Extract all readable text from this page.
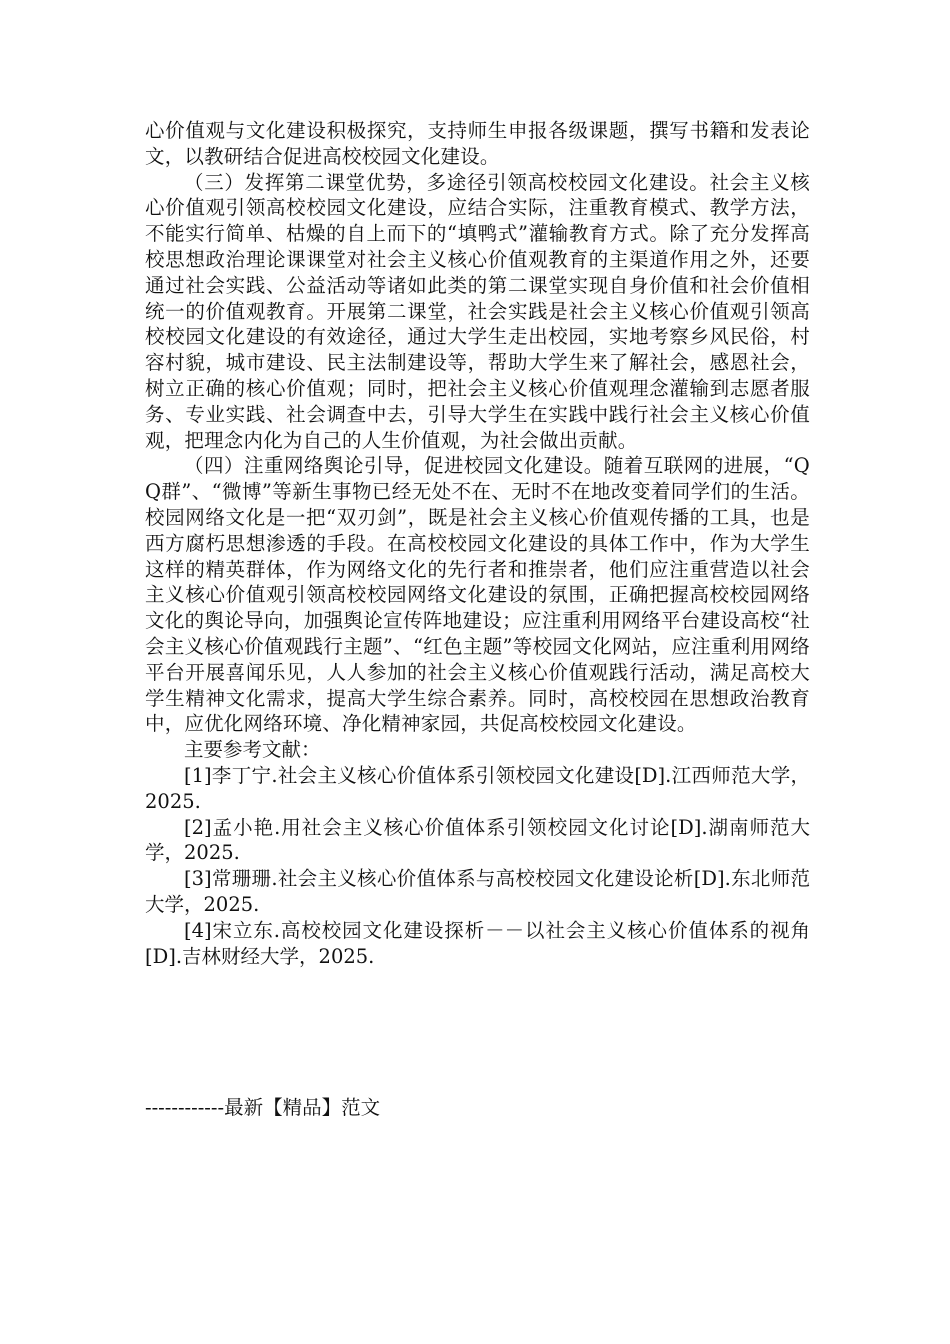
心价值观与文化建设积极探究，支持师生申报各级课题，撰写书籍和发表论文，以教研结合促进高校校园文化建设。

（三）发挥第二课堂优势，多途径引领高校校园文化建设。社会主义核心价值观引领高校校园文化建设，应结合实际，注重教育模式、教学方法，不能实行简单、枯燥的自上而下的“填鸭式”灌输教育方式。除了充分发挥高校思想政治理论课课堂对社会主义核心价值观教育的主渠道作用之外，还要通过社会实践、公益活动等诸如此类的第二课堂实现自身价值和社会价值相统一的价值观教育。开展第二课堂，社会实践是社会主义核心价值观引领高校校园文化建设的有效途径，通过大学生走出校园，实地考察乡风民俗，村容村貌，城市建设、民主法制建设等，帮助大学生来了解社会，感恩社会，树立正确的核心价值观；同时，把社会主义核心价值观理念灌输到志愿者服务、专业实践、社会调查中去，引导大学生在实践中践行社会主义核心价值观，把理念内化为自己的人生价值观，为社会做出贡献。

（四）注重网络舆论引导，促进校园文化建设。随着互联网的进展，“QQ群”、“微博”等新生事物已经无处不在、无时不在地改变着同学们的生活。校园网络文化是一把“双刃剑”，既是社会主义核心价值观传播的工具，也是西方腐朽思想渗透的手段。在高校校园文化建设的具体工作中，作为大学生这样的精英群体，作为网络文化的先行者和推崇者，他们应注重营造以社会主义核心价值观引领高校校园网络文化建设的氛围，正确把握高校校园网络文化的舆论导向，加强舆论宣传阵地建设；应注重利用网络平台建设高校“社会主义核心价值观践行主题”、“红色主题”等校园文化网站，应注重利用网络平台开展喜闻乐见，人人参加的社会主义核心价值观践行活动，满足高校大学生精神文化需求，提高大学生综合素养。同时，高校校园在思想政治教育中，应优化网络环境、净化精神家园，共促高校校园文化建设。

主要参考文献：

[1]李丁宁.社会主义核心价值体系引领校园文化建设[D].江西师范大学，2025.

[2]孟小艳.用社会主义核心价值体系引领校园文化讨论[D].湖南师范大学，2025.

[3]常珊珊.社会主义核心价值体系与高校校园文化建设论析[D].东北师范大学，2025.

[4]宋立东.高校校园文化建设探析－－以社会主义核心价值体系的视角[D].吉林财经大学，2025.

------------最新【精品】范文
